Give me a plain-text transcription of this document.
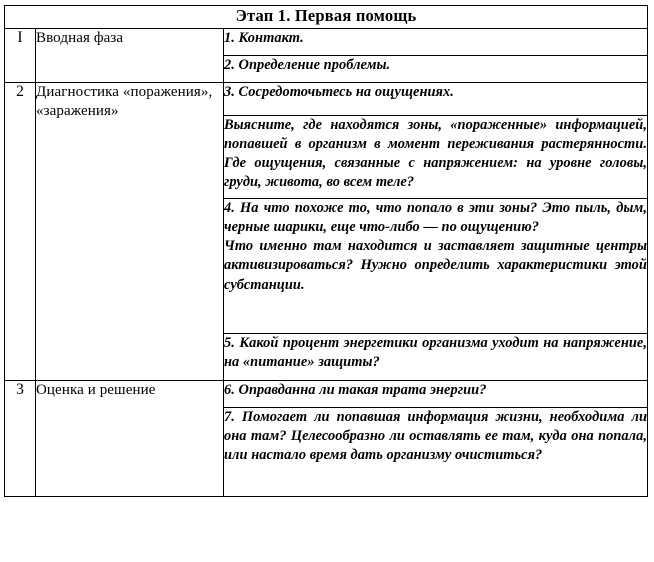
Этап 1. Первая помощь		
I	Вводная фаза	1. Контакт.
		2. Определение проблемы.
2	Диагностика «поражения», «заражения»	3. Сосредоточьтесь на ощущениях.

		Выясните, где находятся зоны, «пораженные» информацией, попавшей в организм в момент переживания растерянности. Где ощущения, связанные с напряжением: на уровне головы, груди, живота, во всем теле?

		4. На что похоже то, что попало в эти зоны? Это пыль, дым, черные шарики, еще что-либо — по ощущению?

Что именно там находится и заставляет защитные центры активизироваться? Нужно определить характеристики этой субстанции.

		5. Какой процент энергетики организма уходит на напряжение, на «питание» защиты?

3	Оценка и решение	6. Оправданна ли такая трата энергии?

		7. Помогает ли попавшая информация жизни, необходима ли она там? Целесообразно ли оставлять ее там, куда она попала, или настало время дать организму очиститься?
